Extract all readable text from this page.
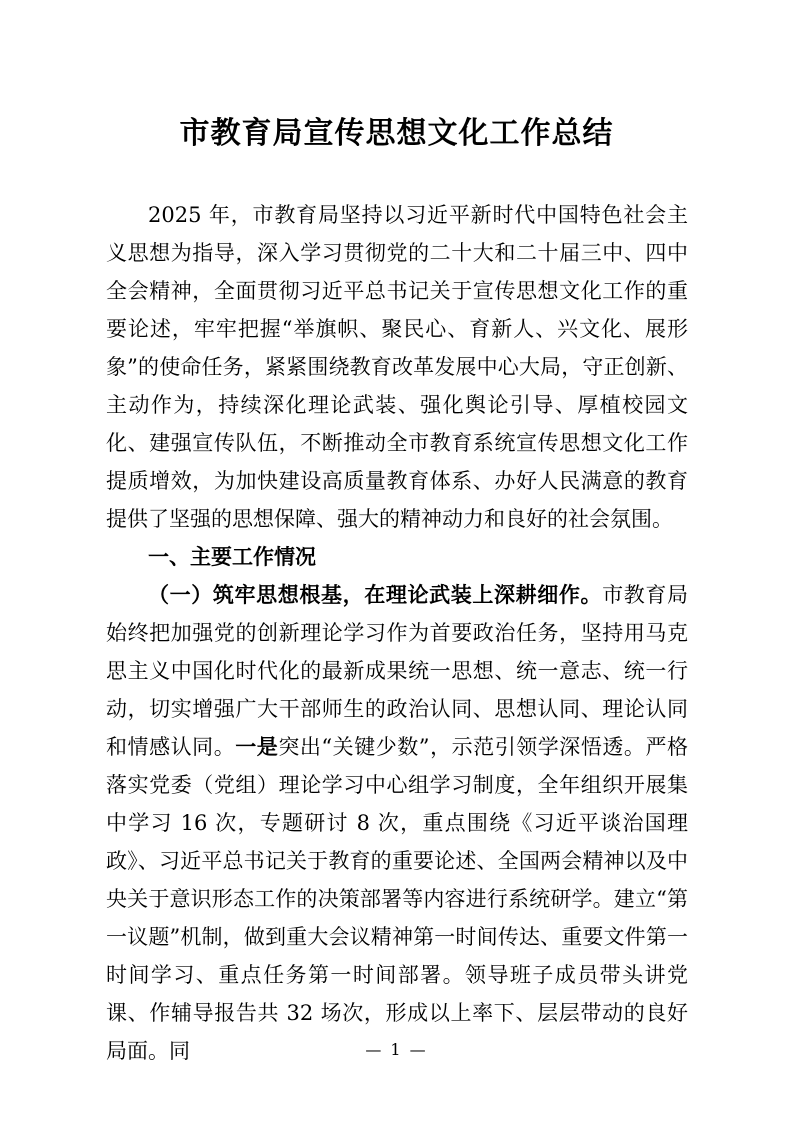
市教育局宣传思想文化工作总结

2025 年，市教育局坚持以习近平新时代中国特色社会主义思想为指导，深入学习贯彻党的二十大和二十届三中、四中全会精神，全面贯彻习近平总书记关于宣传思想文化工作的重要论述，牢牢把握“举旗帜、聚民心、育新人、兴文化、展形象”的使命任务，紧紧围绕教育改革发展中心大局，守正创新、主动作为，持续深化理论武装、强化舆论引导、厚植校园文化、建强宣传队伍，不断推动全市教育系统宣传思想文化工作提质增效，为加快建设高质量教育体系、办好人民满意的教育提供了坚强的思想保障、强大的精神动力和良好的社会氛围。

一、主要工作情况

（一）筑牢思想根基，在理论武装上深耕细作。市教育局始终把加强党的创新理论学习作为首要政治任务，坚持用马克思主义中国化时代化的最新成果统一思想、统一意志、统一行动，切实增强广大干部师生的政治认同、思想认同、理论认同和情感认同。一是突出“关键少数”，示范引领学深悟透。严格落实党委（党组）理论学习中心组学习制度，全年组织开展集中学习 16 次，专题研讨 8 次，重点围绕《习近平谈治国理政》、习近平总书记关于教育的重要论述、全国两会精神以及中央关于意识形态工作的决策部署等内容进行系统研学。建立“第一议题”机制，做到重大会议精神第一时间传达、重要文件第一时间学习、重点任务第一时间部署。领导班子成员带头讲党课、作辅导报告共 32 场次，形成以上率下、层层带动的良好局面。同	— 1 —
